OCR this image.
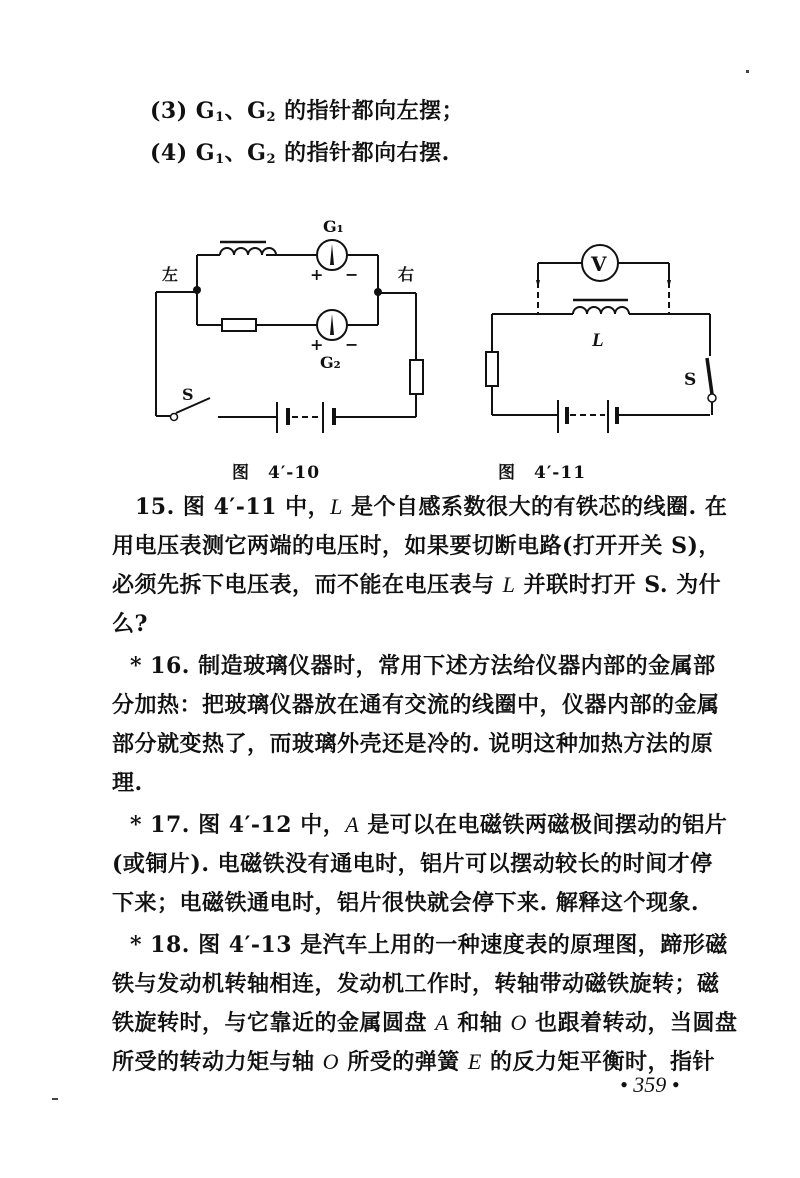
(3) $G_1$、$G_2$ 的指针都向左摆；
(4) $G_1$、$G_2$ 的指针都向右摆.
G₁
+ −
+ −
G₂
左	右
S
图　4′-10
V
L
S
图　4′-11
15. 图 4′-11 中，L 是个自感系数很大的有铁芯的线圈. 在
用电压表测它两端的电压时，如果要切断电路(打开开关 S)，
必须先拆下电压表，而不能在电压表与 L 并联时打开 S. 为什
么?
* 16. 制造玻璃仪器时，常用下述方法给仪器内部的金属部
分加热：把玻璃仪器放在通有交流的线圈中，仪器内部的金属
部分就变热了，而玻璃外壳还是冷的. 说明这种加热方法的原
理.
* 17. 图 4′-12 中，A 是可以在电磁铁两磁极间摆动的铝片
(或铜片). 电磁铁没有通电时，铝片可以摆动较长的时间才停
下来；电磁铁通电时，铝片很快就会停下来. 解释这个现象.
* 18. 图 4′-13 是汽车上用的一种速度表的原理图，蹄形磁
铁与发动机转轴相连，发动机工作时，转轴带动磁铁旋转；磁
铁旋转时，与它靠近的金属圆盘 A 和轴 O 也跟着转动，当圆盘
所受的转动力矩与轴 O 所受的弹簧 E 的反力矩平衡时，指针
• 359 •
